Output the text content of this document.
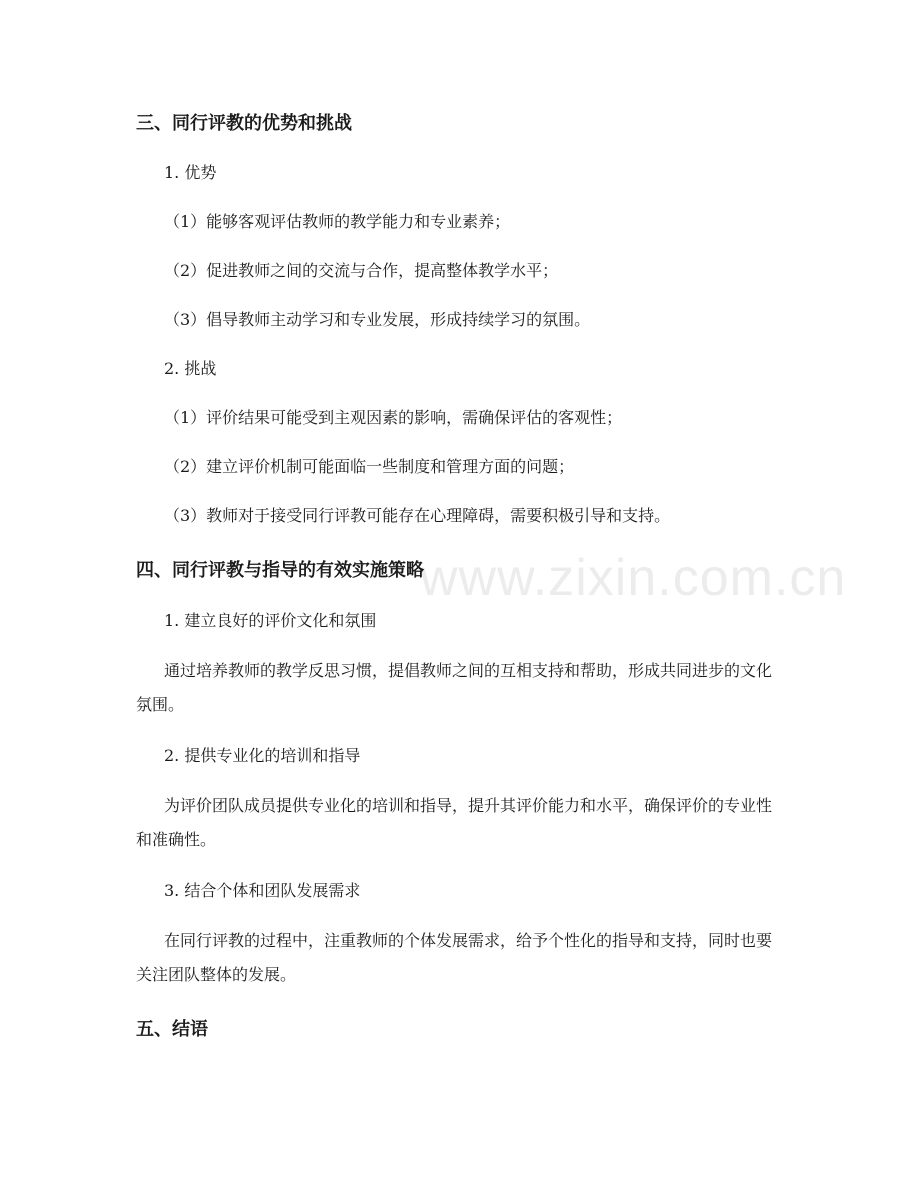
www.zixin.com.cn
三、同行评教的优势和挑战
1. 优势
（1）能够客观评估教师的教学能力和专业素养；
（2）促进教师之间的交流与合作，提高整体教学水平；
（3）倡导教师主动学习和专业发展，形成持续学习的氛围。
2. 挑战
（1）评价结果可能受到主观因素的影响，需确保评估的客观性；
（2）建立评价机制可能面临一些制度和管理方面的问题；
（3）教师对于接受同行评教可能存在心理障碍，需要积极引导和支持。
四、同行评教与指导的有效实施策略
1. 建立良好的评价文化和氛围
通过培养教师的教学反思习惯，提倡教师之间的互相支持和帮助，形成共同进步的文化氛围。
2. 提供专业化的培训和指导
为评价团队成员提供专业化的培训和指导，提升其评价能力和水平，确保评价的专业性和准确性。
3. 结合个体和团队发展需求
在同行评教的过程中，注重教师的个体发展需求，给予个性化的指导和支持，同时也要关注团队整体的发展。
五、结语
